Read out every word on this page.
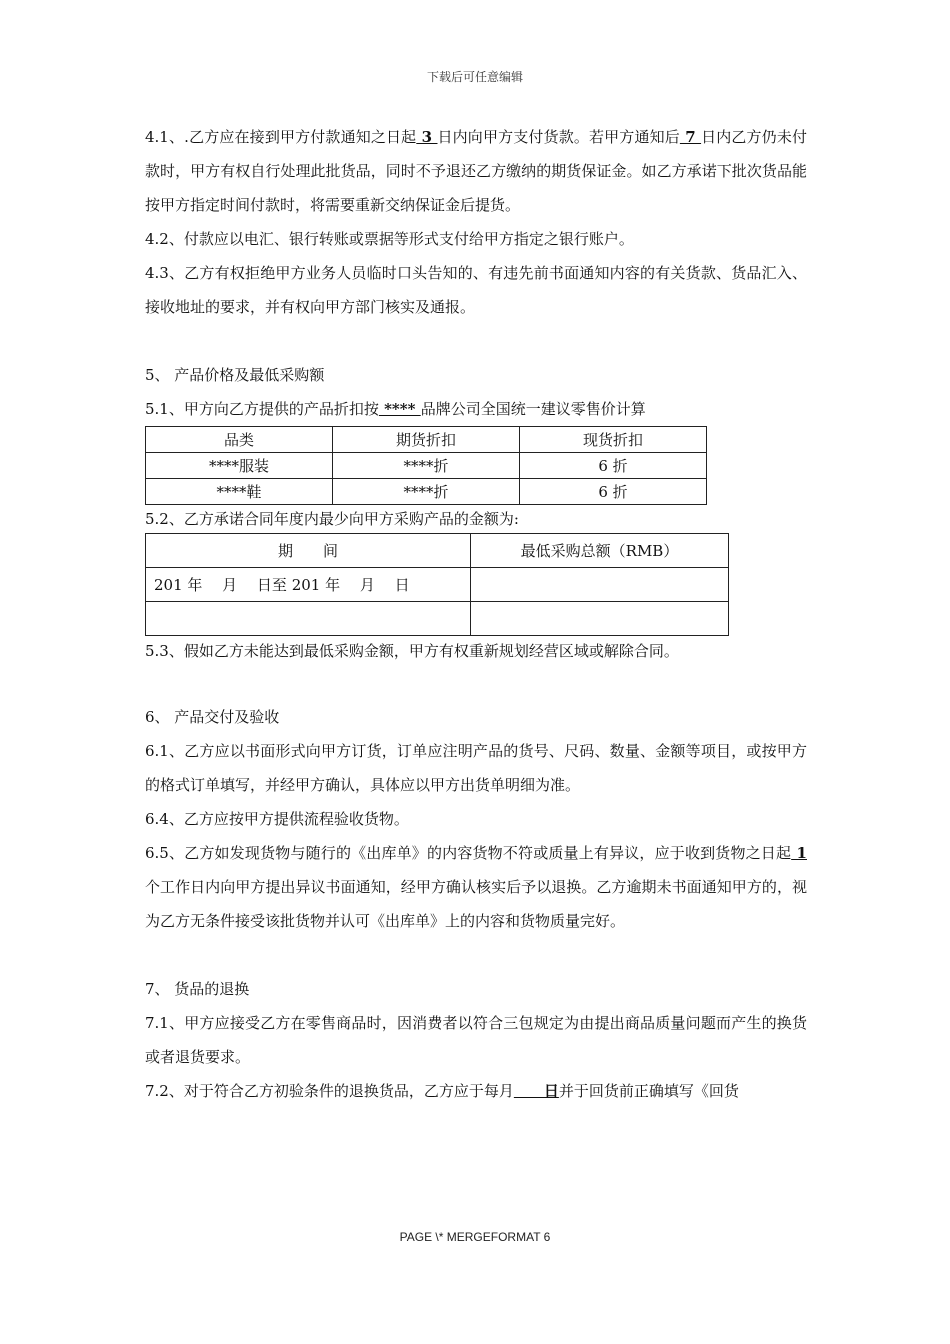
下载后可任意编辑

4.1、.乙方应在接到甲方付款通知之日起 3 日内向甲方支付货款。若甲方通知后 7 日内乙方仍未付款时，甲方有权自行处理此批货品，同时不予退还乙方缴纳的期货保证金。如乙方承诺下批次货品能按甲方指定时间付款时，将需要重新交纳保证金后提货。

4.2、付款应以电汇、银行转账或票据等形式支付给甲方指定之银行账户。

4.3、乙方有权拒绝甲方业务人员临时口头告知的、有违先前书面通知内容的有关货款、货品汇入、接收地址的要求，并有权向甲方部门核实及通报。

5、 产品价格及最低采购额

5.1、甲方向乙方提供的产品折扣按 **** 品牌公司全国统一建议零售价计算

品类	期货折扣	现货折扣
****服装	****折	6 折
****鞋	****折	6 折

5.2、乙方承诺合同年度内最少向甲方采购产品的金额为:

期　　间	最低采购总额（RMB）
201 年　 月　 日至 201 年　 月　 日	

5.3、假如乙方未能达到最低采购金额，甲方有权重新规划经营区域或解除合同。

6、 产品交付及验收

6.1、乙方应以书面形式向甲方订货，订单应注明产品的货号、尺码、数量、金额等项目，或按甲方的格式订单填写，并经甲方确认，具体应以甲方出货单明细为准。

6.4、乙方应按甲方提供流程验收货物。

6.5、乙方如发现货物与随行的《出库单》的内容货物不符或质量上有异议，应于收到货物之日起 1 个工作日内向甲方提出异议书面通知，经甲方确认核实后予以退换。乙方逾期未书面通知甲方的，视为乙方无条件接受该批货物并认可《出库单》上的内容和货物质量完好。

7、 货品的退换

7.1、甲方应接受乙方在零售商品时，因消费者以符合三包规定为由提出商品质量问题而产生的换货或者退货要求。

7.2、对于符合乙方初验条件的退换货品，乙方应于每月　　日并于回货前正确填写《回货

PAGE \* MERGEFORMAT 6
